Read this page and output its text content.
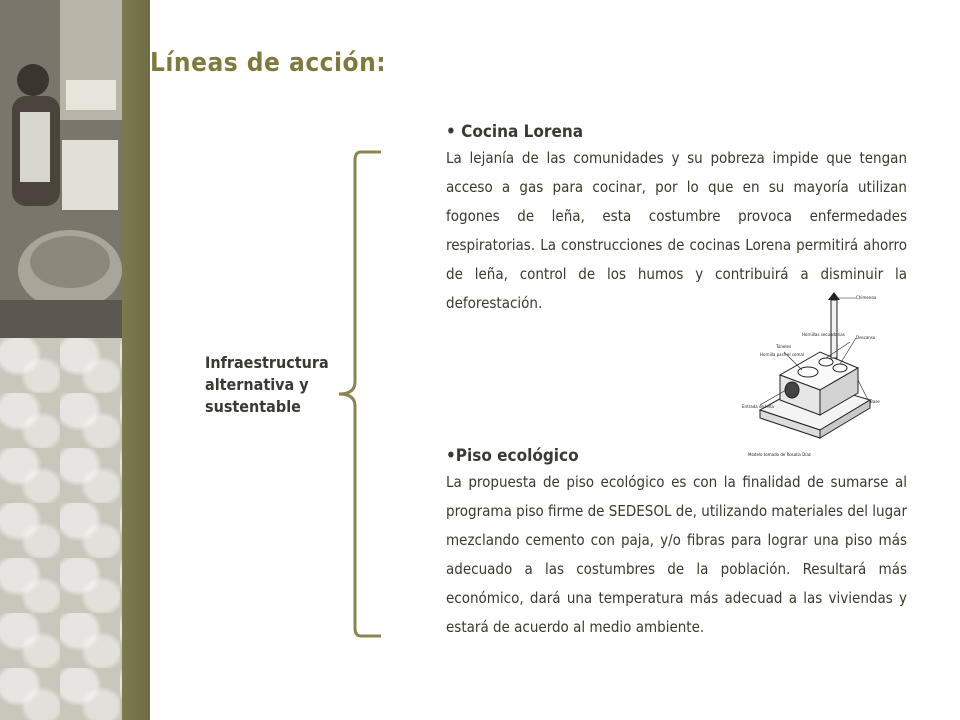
Líneas de acción:
Infraestructura alternativa y sustentable
• Cocina Lorena

La lejanía de las comunidades y su pobreza impide que tengan acceso a gas para cocinar, por lo que en su mayoría utilizan fogones de leña, esta costumbre provoca enfermedades respiratorias. La construcciones de cocinas Lorena permitirá ahorro de leña, control de los humos y contribuirá a disminuir la deforestación.	Chimenea
Hornillas secundarias
Descanso
Túneles
Hornilla para el comal
Base
Entrada de leña
Modelo tomado de Rosalía Díaz
•Piso ecológico

La propuesta de piso ecológico es con la finalidad de sumarse al programa piso firme de SEDESOL de, utilizando materiales del lugar mezclando cemento con paja, y/o fibras para lograr una piso más adecuado a las costumbres de la población. Resultará más económico, dará una temperatura más adecuad a las viviendas y estará de acuerdo al medio ambiente.
